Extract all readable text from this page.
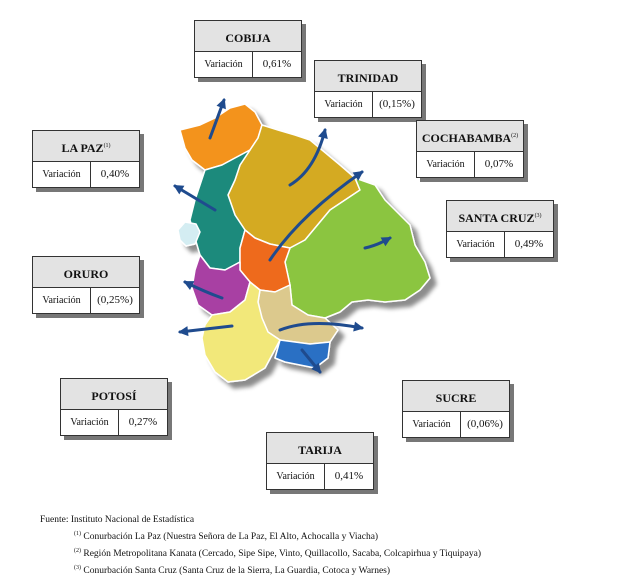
COBIJA
Variación	0,61%
TRINIDAD
Variación	(0,15%)
COCHABAMBA$^{(2)}$
Variación	0,07%
LA PAZ$^{(1)}$
Variación	0,40%
SANTA CRUZ$^{(3)}$
Variación	0,49%
ORURO
Variación	(0,25%)
POTOSÍ
Variación	0,27%
SUCRE
Variación	(0,06%)
TARIJA
Variación	0,41%
Fuente: Instituto Nacional de Estadística
$^{(1)}$ Conurbación La Paz (Nuestra Señora de La Paz, El Alto, Achocalla y Viacha)
$^{(2)}$ Región Metropolitana Kanata (Cercado, Sipe Sipe, Vinto, Quillacollo, Sacaba, Colcapirhua y Tiquipaya)
$^{(3)}$ Conurbación Santa Cruz (Santa Cruz de la Sierra, La Guardia, Cotoca y Warnes)
